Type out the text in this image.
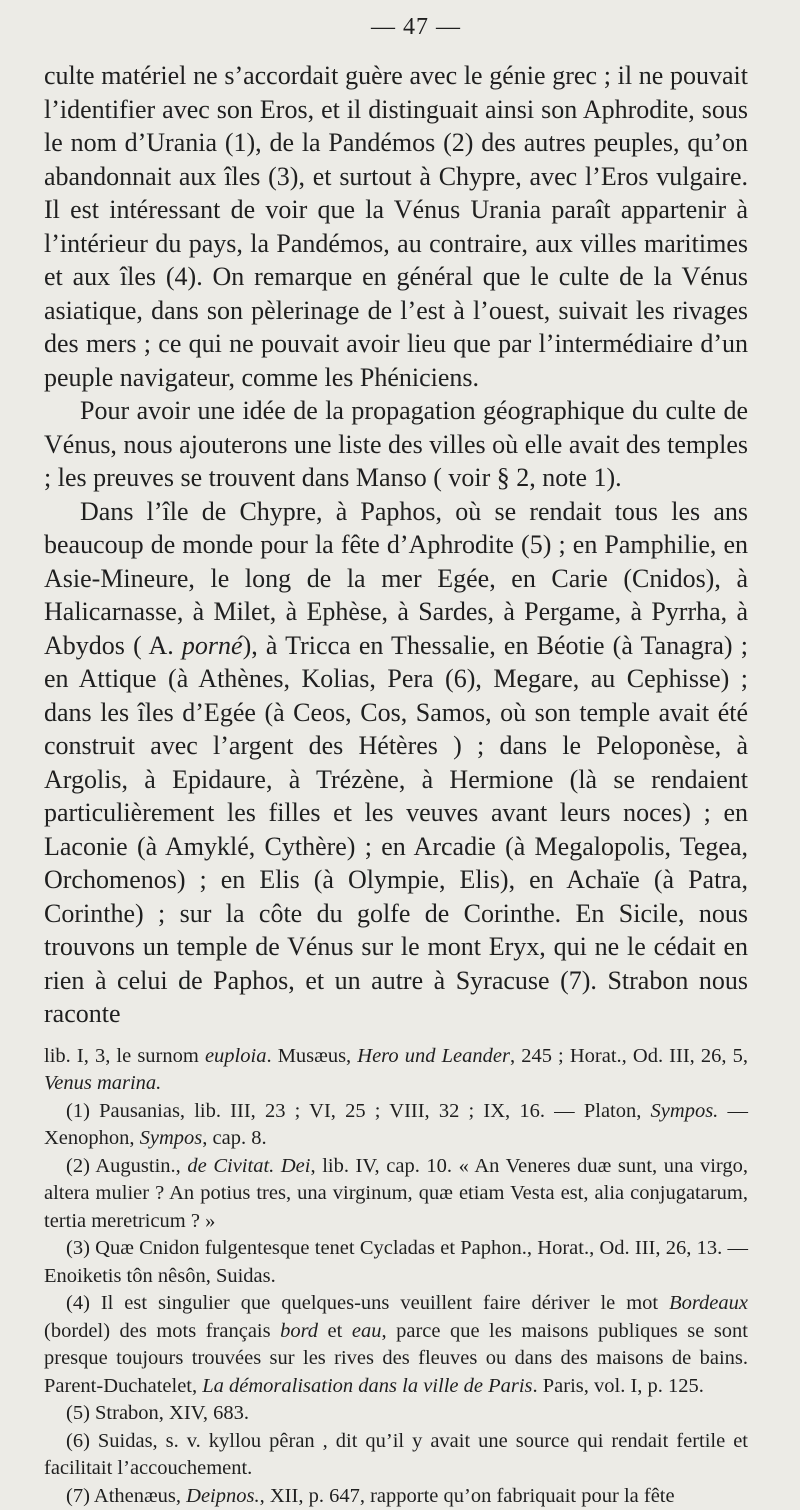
— 47 —

culte matériel ne s’accordait guère avec le génie grec ; il ne pouvait l’identifier avec son Eros, et il distinguait ainsi son Aphrodite, sous le nom d’Urania (1), de la Pandémos (2) des autres peuples, qu’on abandonnait aux îles (3), et surtout à Chypre, avec l’Eros vulgaire. Il est intéressant de voir que la Vénus Urania paraît appartenir à l’intérieur du pays, la Pandémos, au contraire, aux villes maritimes et aux îles (4). On remarque en général que le culte de la Vénus asiatique, dans son pèlerinage de l’est à l’ouest, suivait les rivages des mers ; ce qui ne pouvait avoir lieu que par l’intermédiaire d’un peuple navigateur, comme les Phéniciens.

Pour avoir une idée de la propagation géographique du culte de Vénus, nous ajouterons une liste des villes où elle avait des temples ; les preuves se trouvent dans Manso ( voir § 2, note 1).

Dans l’île de Chypre, à Paphos, où se rendait tous les ans beaucoup de monde pour la fête d’Aphrodite (5) ; en Pamphilie, en Asie-Mineure, le long de la mer Egée, en Carie (Cnidos), à Halicarnasse, à Milet, à Ephèse, à Sardes, à Pergame, à Pyrrha, à Abydos ( A. porné), à Tricca en Thessalie, en Béotie (à Tanagra) ; en Attique (à Athènes, Kolias, Pera (6), Megare, au Cephisse) ; dans les îles d’Egée (à Ceos, Cos, Samos, où son temple avait été construit avec l’argent des Hétères ) ; dans le Peloponèse, à Argolis, à Epidaure, à Trézène, à Hermione (là se rendaient particulièrement les filles et les veuves avant leurs noces) ; en Laconie (à Amyklé, Cythère) ; en Arcadie (à Megalopolis, Tegea, Orchomenos) ; en Elis (à Olympie, Elis), en Achaïe (à Patra, Corinthe) ; sur la côte du golfe de Corinthe. En Sicile, nous trouvons un temple de Vénus sur le mont Eryx, qui ne le cédait en rien à celui de Paphos, et un autre à Syracuse (7). Strabon nous raconte

lib. I, 3, le surnom euploia. Musæus, Hero und Leander, 245 ; Horat., Od. III, 26, 5, Venus marina.

(1) Pausanias, lib. III, 23 ; VI, 25 ; VIII, 32 ; IX, 16. — Platon, Sympos. — Xenophon, Sympos, cap. 8.

(2) Augustin., de Civitat. Dei, lib. IV, cap. 10. « An Veneres duæ sunt, una virgo, altera mulier ? An potius tres, una virginum, quæ etiam Vesta est, alia conjugatarum, tertia meretricum ? »

(3) Quæ Cnidon fulgentesque tenet Cycladas et Paphon., Horat., Od. III, 26, 13. — Enoiketis tôn nêsôn, Suidas.

(4) Il est singulier que quelques-uns veuillent faire dériver le mot Bordeaux (bordel) des mots français bord et eau, parce que les maisons publiques se sont presque toujours trouvées sur les rives des fleuves ou dans des maisons de bains. Parent-Duchatelet, La démoralisation dans la ville de Paris. Paris, vol. I, p. 125.

(5) Strabon, XIV, 683.

(6) Suidas, s. v. kyllou pêran , dit qu’il y avait une source qui rendait fertile et facilitait l’accouchement.

(7) Athenæus, Deipnos., XII, p. 647, rapporte qu’on fabriquait pour la fête
